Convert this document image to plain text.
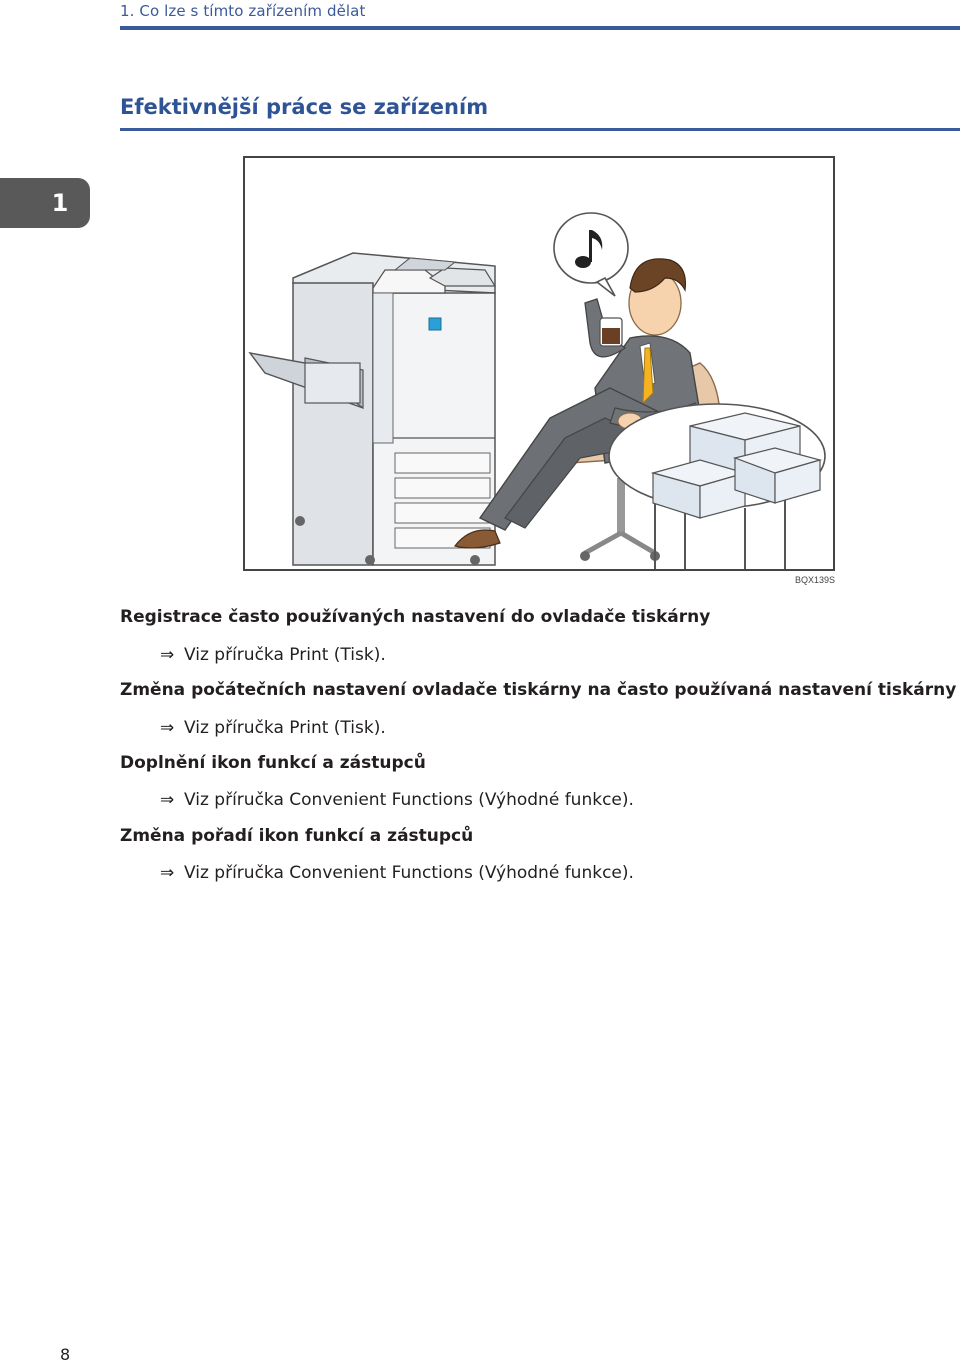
1. Co lze s tímto zařízením dělat
Efektivnější práce se zařízením
1
BQX139S
Registrace často používaných nastavení do ovladače tiskárny
⇒ Viz příručka Print (Tisk).
Změna počátečních nastavení ovladače tiskárny na často používaná nastavení tiskárny
⇒ Viz příručka Print (Tisk).
Doplnění ikon funkcí a zástupců
⇒ Viz příručka Convenient Functions (Výhodné funkce).
Změna pořadí ikon funkcí a zástupců
⇒ Viz příručka Convenient Functions (Výhodné funkce).
8
